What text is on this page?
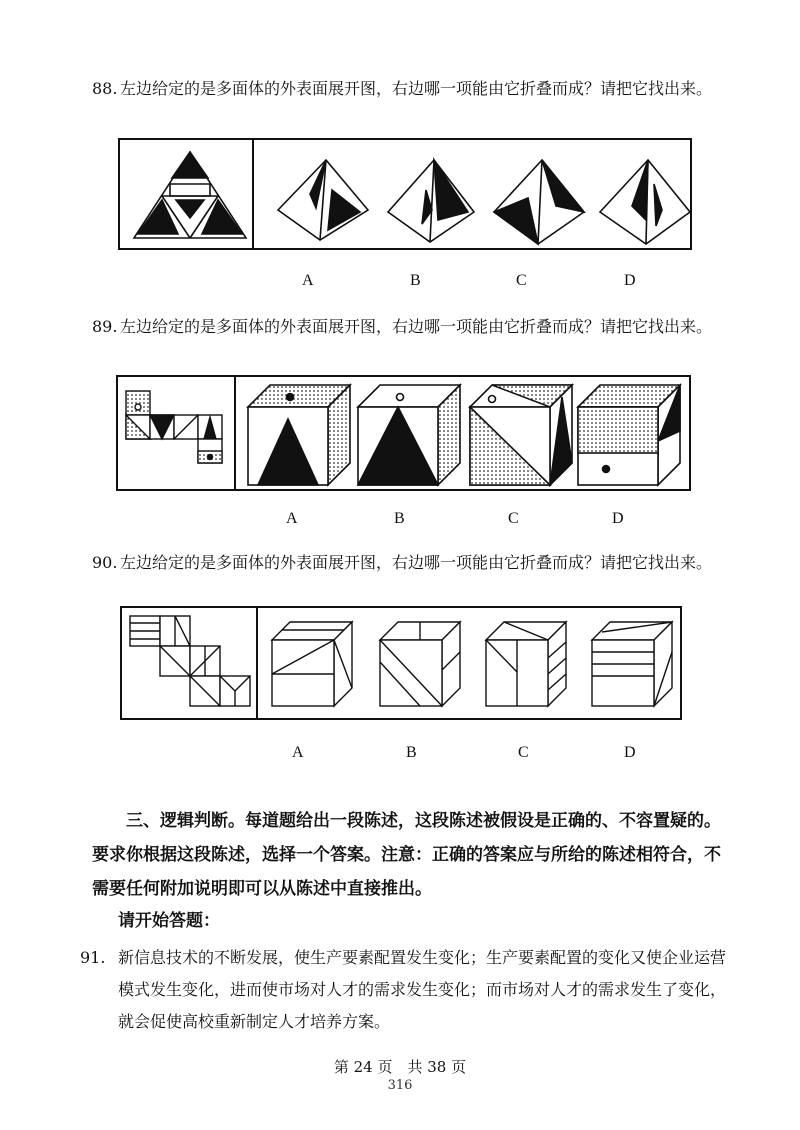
88. 左边给定的是多面体的外表面展开图，右边哪一项能由它折叠而成？请把它找出来。
A	B	C	D
89. 左边给定的是多面体的外表面展开图，右边哪一项能由它折叠而成？请把它找出来。
A	B	C	D
90. 左边给定的是多面体的外表面展开图，右边哪一项能由它折叠而成？请把它找出来。
A	B	C	D
三、逻辑判断。每道题给出一段陈述，这段陈述被假设是正确的、不容置疑的。要求你根据这段陈述，选择一个答案。注意：正确的答案应与所给的陈述相符合，不需要任何附加说明即可以从陈述中直接推出。
请开始答题：
91. 新信息技术的不断发展，使生产要素配置发生变化；生产要素配置的变化又使企业运营模式发生变化，进而使市场对人才的需求发生变化；而市场对人才的需求发生了变化，就会促使高校重新制定人才培养方案。
第 24 页　共 38 页
316
